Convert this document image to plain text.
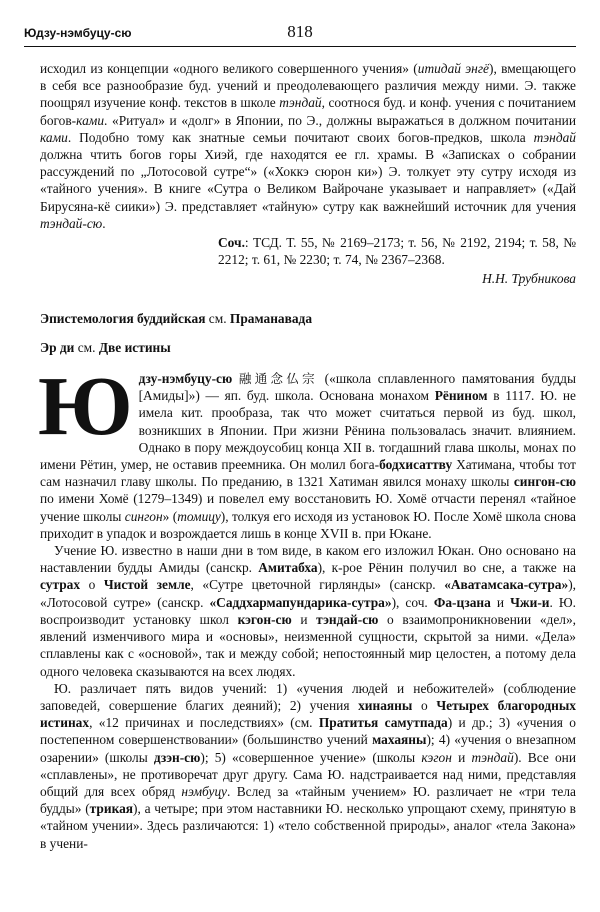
Юдзу-нэмбуцу-сю	818

исходил из концепции «одного великого совершенного учения» (итидай энгё), вмещающего в себя все разнообразие буд. учений и преодолевающего различия между ними. Э. также поощрял изучение конф. текстов в школе тэндай, соотнося буд. и конф. учения с почитанием богов-ками. «Ритуал» и «долг» в Японии, по Э., должны выражаться в должном почитании ками. Подобно тому как знатные семьи почитают своих богов-предков, школа тэндай должна чтить богов горы Хиэй, где находятся ее гл. храмы. В «Записках о собрании рассуждений по „Лотосовой сутре“» («Хоккэ сюрон ки») Э. толкует эту сутру исходя из «тайного учения». В книге «Сутра о Великом Вайрочане указывает и направляет» («Дай Бирусяна-кё сиики») Э. представляет «тайную» сутру как важнейший источник для учения тэндай-сю.

Соч.: ТСД. Т. 55, № 2169–2173; т. 56, № 2192, 2194; т. 58, № 2212; т. 61, № 2230; т. 74, № 2367–2368.

Н.Н. Трубникова

Эпистемология буддийская см. Праманавада

Эр ди см. Две истины

Юдзу-нэмбуцу-сю 融通念仏宗 («школа сплавленного памятования будды [Амиды]») — яп. буд. школа. Основана монахом Рёнином в 1117. Ю. не имела кит. прообраза, так что может считаться первой из буд. школ, возникших в Японии. При жизни Рёнина пользовалась значит. влиянием. Однако в пору междоусобиц конца XII в. тогдашний глава школы, монах по имени Рётин, умер, не оставив преемника. Он молил бога-бодхисаттву Хатимана, чтобы тот сам назначил главу школы. По преданию, в 1321 Хатиман явился монаху школы сингон-сю по имени Хомё (1279–1349) и повелел ему восстановить Ю. Хомё отчасти перенял «тайное учение школы сингон» (томицу), толкуя его исходя из установок Ю. После Хомё школа снова приходит в упадок и возрождается лишь в конце XVII в. при Юкане.

Учение Ю. известно в наши дни в том виде, в каком его изложил Юкан. Оно основано на наставлении будды Амиды (санскр. Амитабха), к-рое Рёнин получил во сне, а также на сутрах о Чистой земле, «Сутре цветочной гирлянды» (санскр. «Аватамсака-сутра»), «Лотосовой сутре» (санскр. «Саддхармапундарика-сутра»), соч. Фа-цзана и Чжи-и. Ю. воспроизводит установку школ кэгон-сю и тэндай-сю о взаимопроникновении «дел», явлений изменчивого мира и «основы», неизменной сущности, скрытой за ними. «Дела» сплавлены как с «основой», так и между собой; непостоянный мир целостен, а потому дела одного человека сказываются на всех людях.

Ю. различает пять видов учений: 1) «учения людей и небожителей» (соблюдение заповедей, совершение благих деяний); 2) учения хинаяны о Четырех благородных истинах, «12 причинах и последствиях» (см. Пратитья самутпада) и др.; 3) «учения о постепенном совершенствовании» (большинство учений махаяны); 4) «учения о внезапном озарении» (школы дзэн-сю); 5) «совершенное учение» (школы кэгон и тэндай). Все они «сплавлены», не противоречат друг другу. Сама Ю. надстраивается над ними, представляя общий для всех обряд нэмбуцу. Вслед за «тайным учением» Ю. различает не «три тела будды» (трикая), а четыре; при этом наставники Ю. несколько упрощают схему, принятую в «тайном учении». Здесь различаются: 1) «тело собственной природы», аналог «тела Закона» в учени-
